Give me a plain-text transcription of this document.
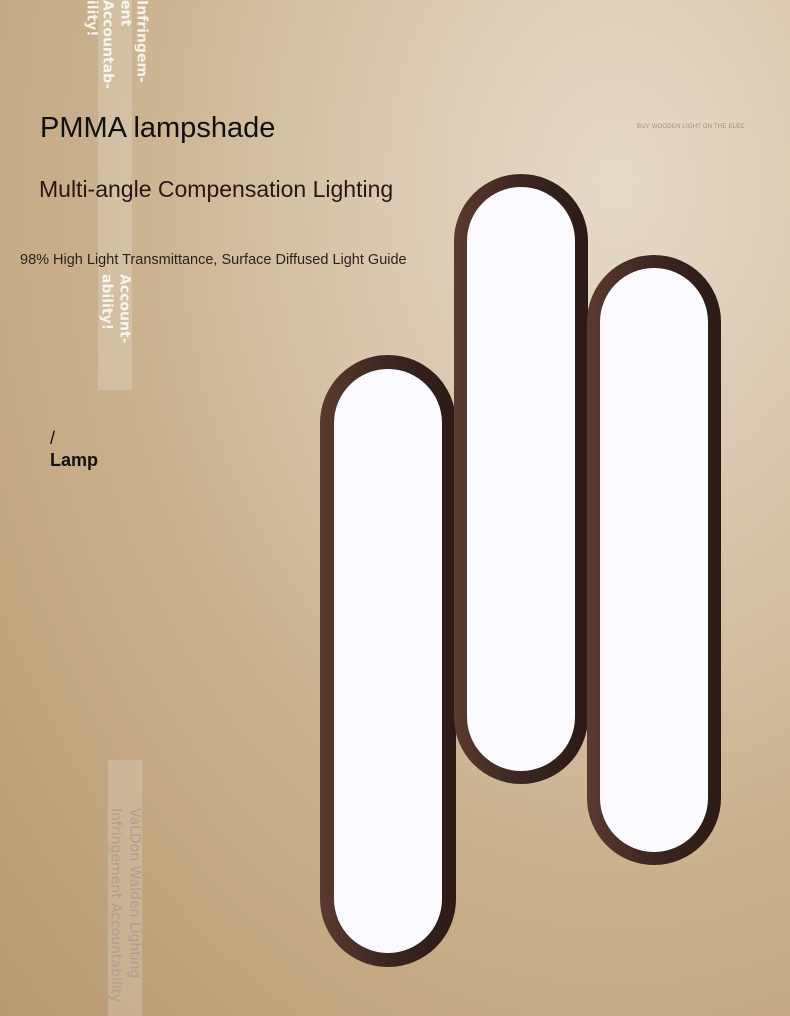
Infringem-
ent
Accountab-
ility!
Account-
ability!
VaLDon Walden Lighting
Infringement Accountability
BUY WOODEN LIGHT ON THE ELEC
PMMA lampshade
Multi-angle Compensation Lighting
98% High Light Transmittance, Surface Diffused Light Guide
/
Lamp
